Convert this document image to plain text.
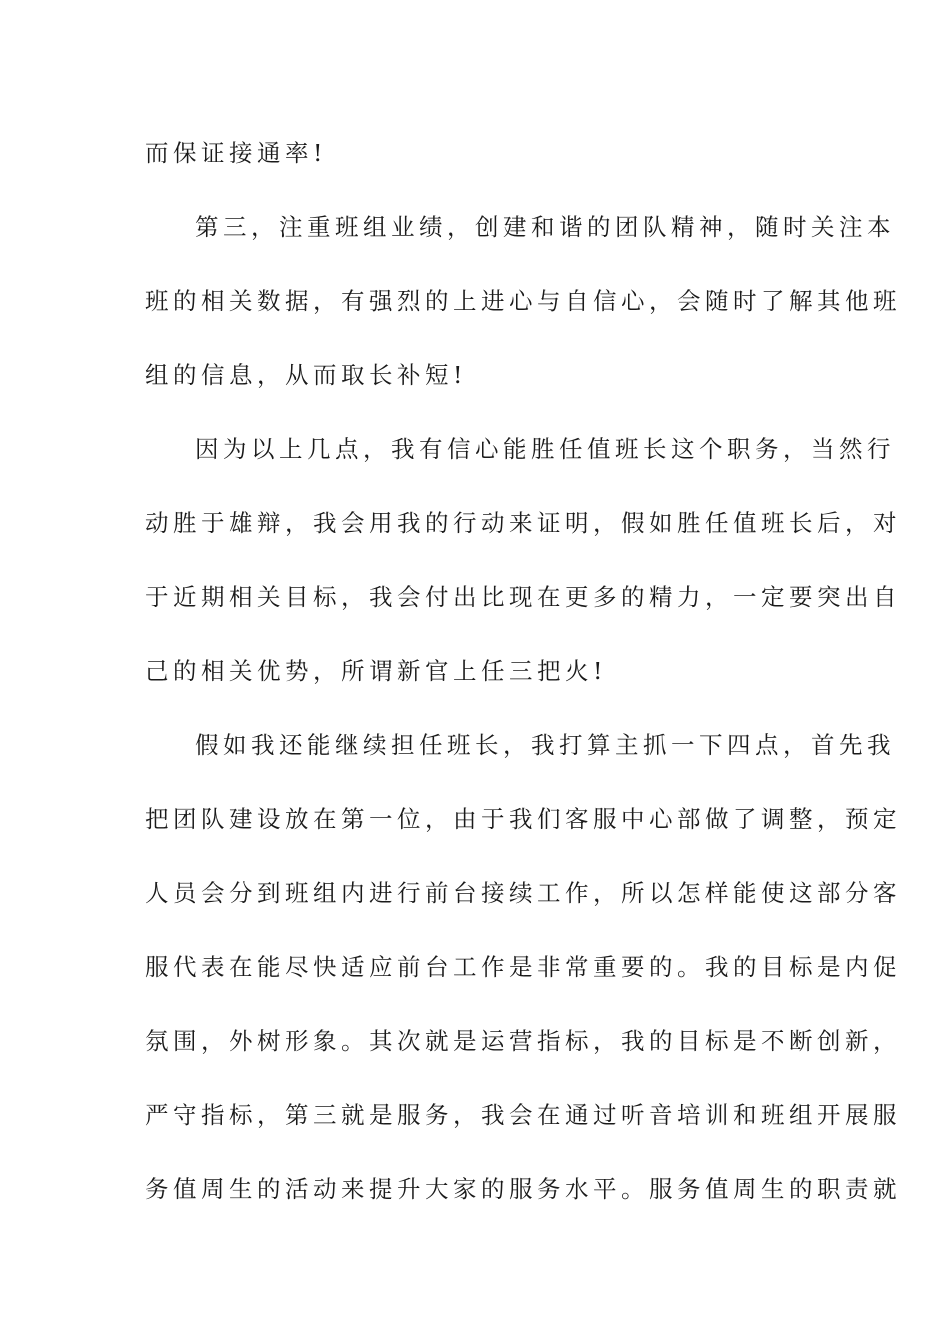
而保证接通率!
第三，注重班组业绩，创建和谐的团队精神，随时关注本
班的相关数据，有强烈的上进心与自信心，会随时了解其他班
组的信息，从而取长补短!
因为以上几点，我有信心能胜任值班长这个职务，当然行
动胜于雄辩，我会用我的行动来证明，假如胜任值班长后，对
于近期相关目标，我会付出比现在更多的精力，一定要突出自
己的相关优势，所谓新官上任三把火!
假如我还能继续担任班长，我打算主抓一下四点，首先我
把团队建设放在第一位，由于我们客服中心部做了调整，预定
人员会分到班组内进行前台接续工作，所以怎样能使这部分客
服代表在能尽快适应前台工作是非常重要的。我的目标是内促
氛围，外树形象。其次就是运营指标，我的目标是不断创新，
严守指标，第三就是服务，我会在通过听音培训和班组开展服
务值周生的活动来提升大家的服务水平。服务值周生的职责就
